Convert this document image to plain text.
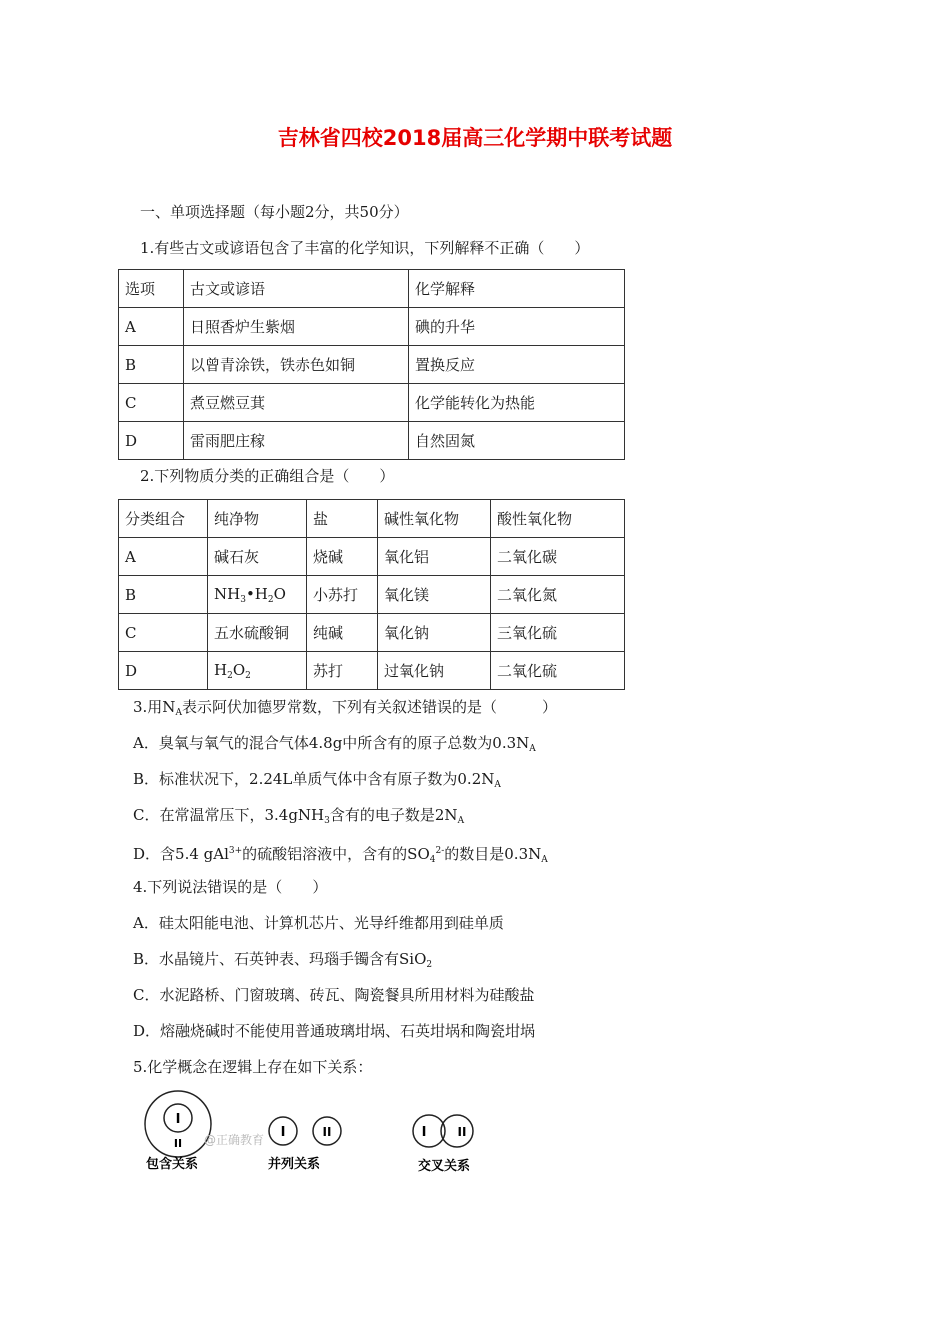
吉林省四校2018届高三化学期中联考试题
一、单项选择题（每小题2分，共50分）
1.有些古文或谚语包含了丰富的化学知识，下列解释不正确（　　）
选项	古文或谚语	化学解释
A	日照香炉生紫烟	碘的升华
B	以曾青涂铁，铁赤色如铜	置换反应
C	煮豆燃豆萁	化学能转化为热能
D	雷雨肥庄稼	自然固氮
2.下列物质分类的正确组合是（　　）
分类组合	纯净物	盐	碱性氧化物	酸性氧化物
A	碱石灰	烧碱	氧化铝	二氧化碳
B	$NH_3•H_2O$	小苏打	氧化镁	二氧化氮
C	五水硫酸铜	纯碱	氧化钠	三氧化硫
D	$H_2O_2$	苏打	过氧化钠	二氧化硫
3.用$N_A$表示阿伏加德罗常数，下列有关叙述错误的是（　　　）
A．臭氧与氧气的混合气体4.8g中所含有的原子总数为$0.3N_A$
B．标准状况下，2.24L单质气体中含有原子数为$0.2N_A$
C．在常温常压下，3.4gNH$_3$含有的电子数是$2N_A$
D．含5.4 gAl$^{3+}$的硫酸铝溶液中，含有的$SO_4^{2-}$的数目是$0.3N_A$
4.下列说法错误的是（　　）
A．硅太阳能电池、计算机芯片、光导纤维都用到硅单质
B．水晶镜片、石英钟表、玛瑙手镯含有SiO$_2$
C．水泥路桥、门窗玻璃、砖瓦、陶瓷餐具所用材料为硅酸盐
D．熔融烧碱时不能使用普通玻璃坩埚、石英坩埚和陶瓷坩埚
5.化学概念在逻辑上存在如下关系：
I
II @正确教育
包含关系
I	II
并列关系
I	II
交叉关系
